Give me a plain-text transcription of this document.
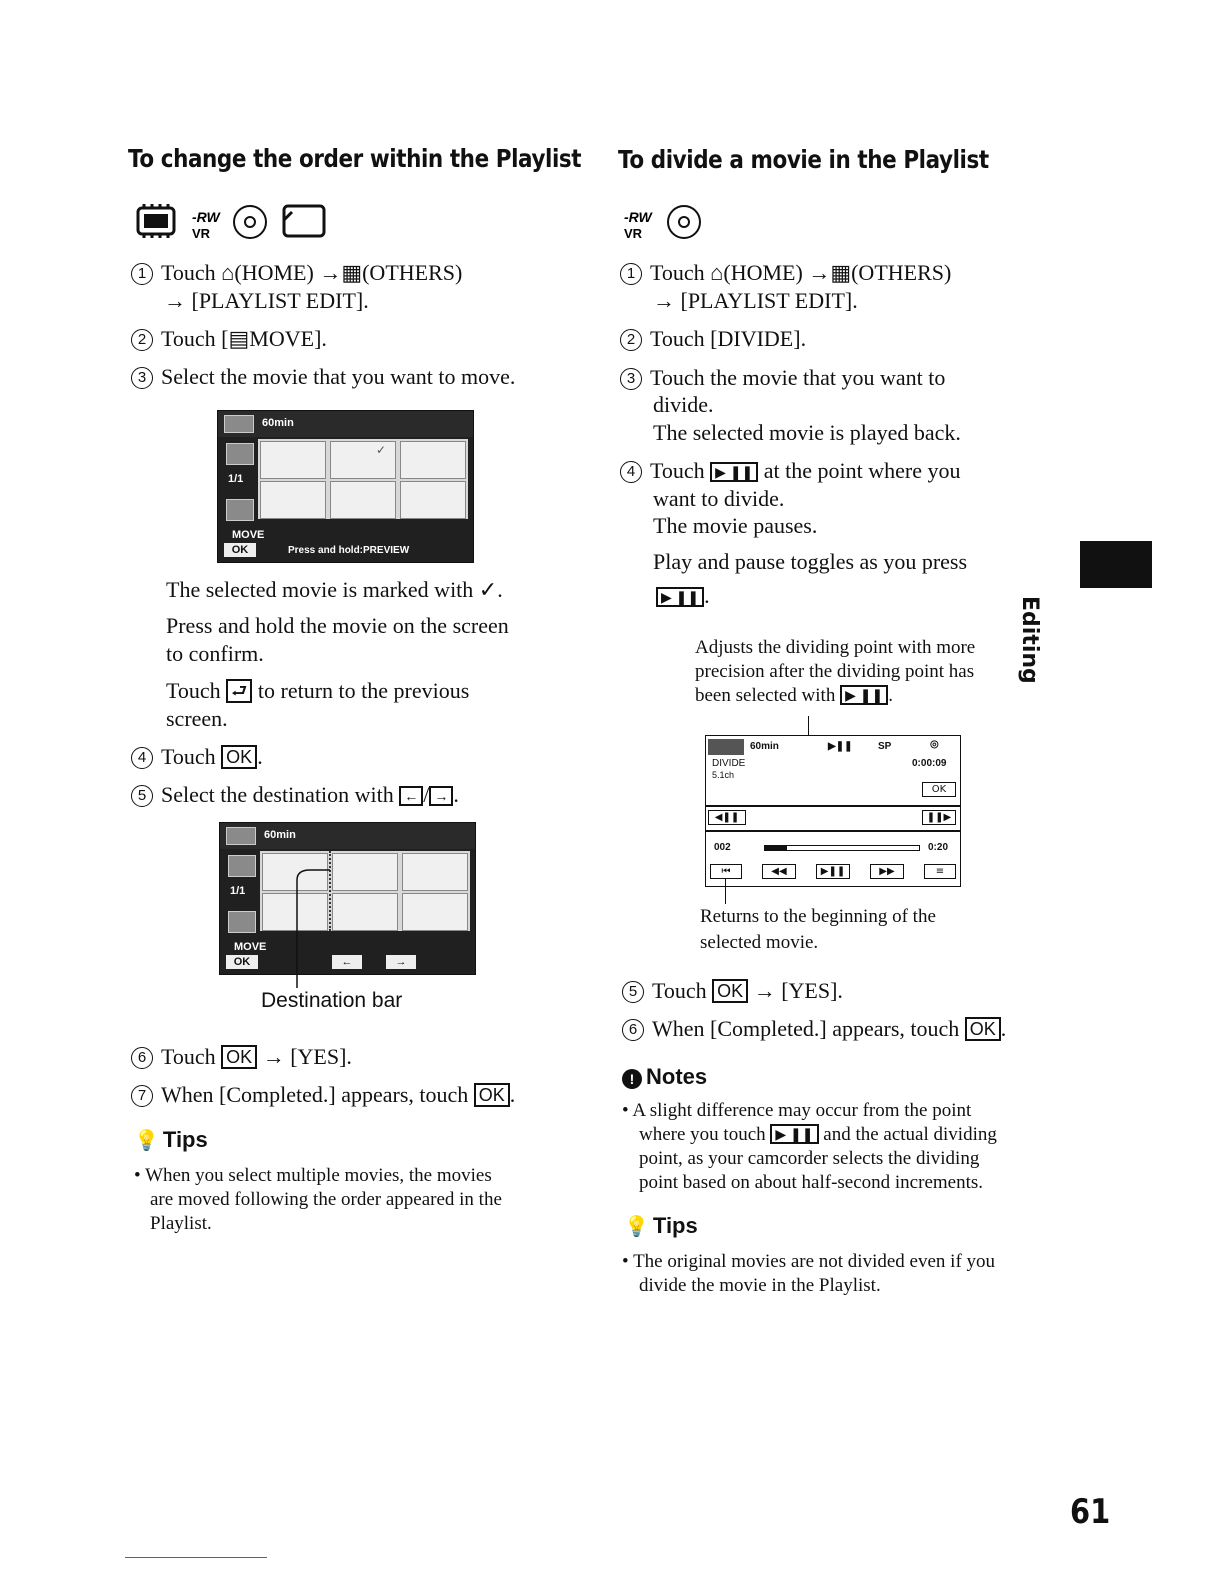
To change the order within the Playlist
-RW
VR
1 Touch ⌂(HOME) →▦(OTHERS)
→ [PLAYLIST EDIT].
2 Touch [▤MOVE].
3 Select the movie that you want to move.
60min
1/1
✓
MOVE
OK	Press and hold:PREVIEW
The selected movie is marked with ✓.
Press and hold the movie on the screen
to confirm.
Touch ⮐ to return to the previous
screen.
4 Touch OK .
5 Select the destination with ← / → .
60min
1/1
MOVE
OK	←	→
Destination bar
6 Touch OK → [YES].
7 When [Completed.] appears, touch OK .
💡 Tips
• When you select multiple movies, the movies
are moved following the order appeared in the
Playlist.
To divide a movie in the Playlist
-RW
VR
1 Touch ⌂(HOME) →▦(OTHERS)
→ [PLAYLIST EDIT].
2 Touch [DIVIDE].
3 Touch the movie that you want to
divide.
The selected movie is played back.
4 Touch ▶ ❚❚ at the point where you
want to divide.
The movie pauses.
Play and pause toggles as you press
▶ ❚❚ .
Adjusts the dividing point with more
precision after the dividing point has
been selected with ▶ ❚❚ .
60min	▶❚❚	SP	◎
DIVIDE
5.1ch
0:00:09
OK
◀❚❚	❚❚▶
002	0:20
⏮	◀◀	▶❚❚	▶▶	≡
Returns to the beginning of the
selected movie.
5 Touch OK → [YES].
6 When [Completed.] appears, touch OK .
! Notes
• A slight difference may occur from the point
where you touch ▶ ❚❚ and the actual dividing
point, as your camcorder selects the dividing
point based on about half-second increments.
💡 Tips
• The original movies are not divided even if you
divide the movie in the Playlist.
Editing
61
